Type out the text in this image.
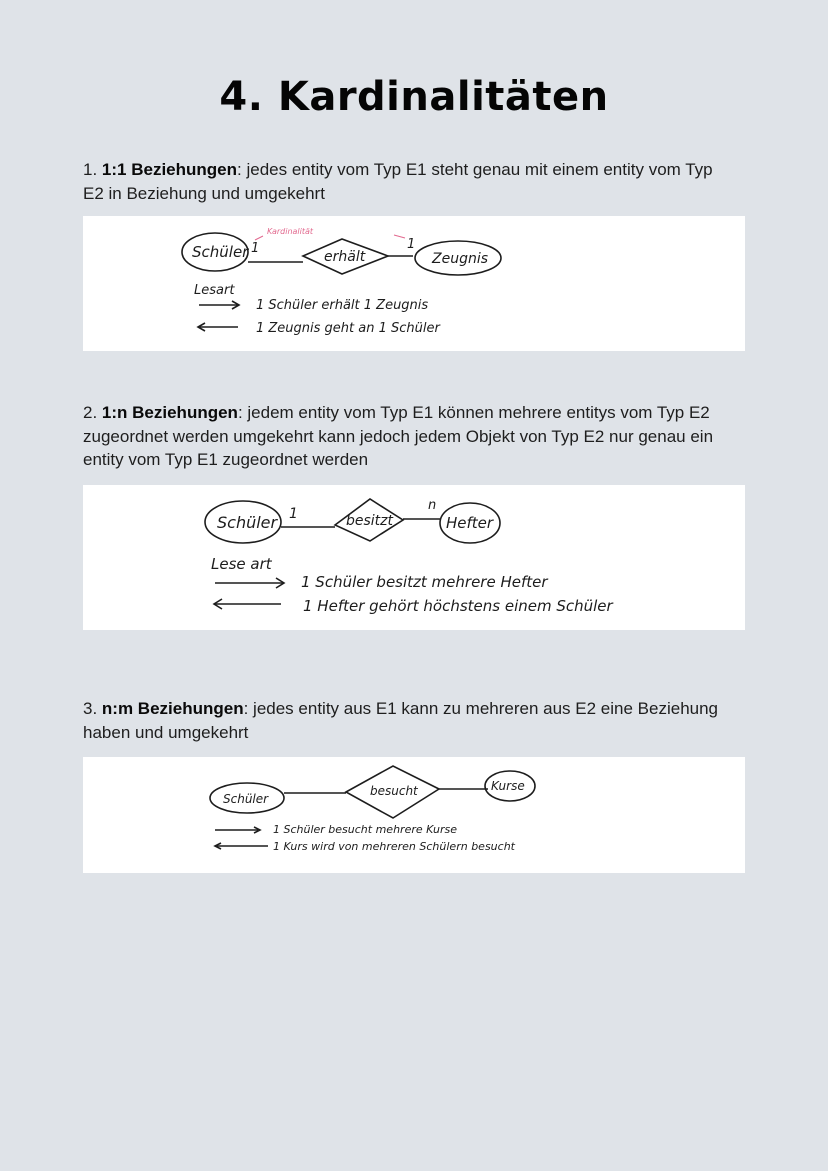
4. Kardinalitäten
1. 1:1 Beziehungen: jedes entity vom Typ E1 steht genau mit einem entity vom Typ E2 in Beziehung und umgekehrt
Schüler	erhält	Zeugnis
1	1
Kardinalität
Lesart
1 Schüler erhält 1 Zeugnis
1 Zeugnis geht an 1 Schüler
2. 1:n Beziehungen: jedem entity vom Typ E1 können mehrere entitys vom Typ E2 zugeordnet werden umgekehrt kann jedoch jedem Objekt von Typ E2 nur genau ein entity vom Typ E1 zugeordnet werden
Schüler	besitzt	Hefter
1
n
Lese art
1 Schüler besitzt mehrere Hefter
1 Hefter gehört höchstens einem Schüler
3. n:m Beziehungen: jedes entity aus E1 kann zu mehreren aus E2 eine Beziehung haben und umgekehrt
Schüler
besucht	Kurse
1 Schüler besucht mehrere Kurse
1 Kurs wird von mehreren Schülern besucht
